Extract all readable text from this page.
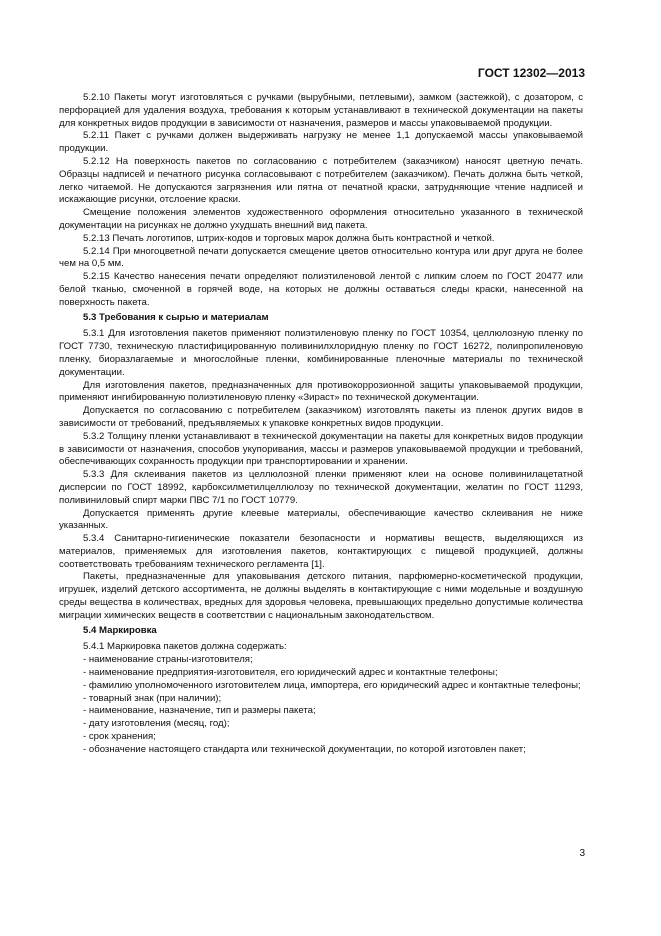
ГОСТ 12302—2013

5.2.10 Пакеты могут изготовляться с ручками (вырубными, петлевыми), замком (застежкой), с дозатором, с перфорацией для удаления воздуха, требования к которым устанавливают в технической документации на пакеты для конкретных видов продукции в зависимости от назначения, размеров и массы упаковываемой продукции.

5.2.11 Пакет с ручками должен выдерживать нагрузку не менее 1,1 допускаемой массы упаковываемой продукции.

5.2.12 На поверхность пакетов по согласованию с потребителем (заказчиком) наносят цветную печать. Образцы надписей и печатного рисунка согласовывают с потребителем (заказчиком). Печать должна быть четкой, легко читаемой. Не допускаются загрязнения или пятна от печатной краски, затрудняющие чтение надписей и искажающие рисунки, отслоение краски.

Смещение положения элементов художественного оформления относительно указанного в технической документации на рисунках не должно ухудшать внешний вид пакета.

5.2.13 Печать логотипов, штрих-кодов и торговых марок должна быть контрастной и четкой.

5.2.14 При многоцветной печати допускается смещение цветов относительно контура или друг друга не более чем на 0,5 мм.

5.2.15 Качество нанесения печати определяют полиэтиленовой лентой с липким слоем по ГОСТ 20477 или белой тканью, смоченной в горячей воде, на которых не должны оставаться следы краски, нанесенной на поверхность пакета.

5.3 Требования к сырью и материалам

5.3.1 Для изготовления пакетов применяют полиэтиленовую пленку по ГОСТ 10354, целлюлозную пленку по ГОСТ 7730, техническую пластифицированную поливинилхлоридную пленку по ГОСТ 16272, полипропиленовую пленку, биоразлагаемые и многослойные пленки, комбинированные пленочные материалы по технической документации.

Для изготовления пакетов, предназначенных для противокоррозионной защиты упаковываемой продукции, применяют ингибированную полиэтиленовую пленку «Зираст» по технической документации.

Допускается по согласованию с потребителем (заказчиком) изготовлять пакеты из пленок других видов в зависимости от требований, предъявляемых к упаковке конкретных видов продукции.

5.3.2 Толщину пленки устанавливают в технической документации на пакеты для конкретных видов продукции в зависимости от назначения, способов укупоривания, массы и размеров упаковываемой продукции и требований, обеспечивающих сохранность продукции при транспортировании и хранении.

5.3.3 Для склеивания пакетов из целлюлозной пленки применяют клеи на основе поливинилацетатной дисперсии по ГОСТ 18992, карбоксилметилцеллюлозу по технической документации, желатин по ГОСТ 11293, поливиниловый спирт марки ПВС 7/1 по ГОСТ 10779.

Допускается применять другие клеевые материалы, обеспечивающие качество склеивания не ниже указанных.

5.3.4 Санитарно-гигиенические показатели безопасности и нормативы веществ, выделяющихся из материалов, применяемых для изготовления пакетов, контактирующих с пищевой продукцией, должны соответствовать требованиям технического регламента [1].

Пакеты, предназначенные для упаковывания детского питания, парфюмерно-косметической продукции, игрушек, изделий детского ассортимента, не должны выделять в контактирующие с ними модельные и воздушную среды вещества в количествах, вредных для здоровья человека, превышающих предельно допустимые количества миграции химических веществ в соответствии с национальным законодательством.

5.4 Маркировка

5.4.1 Маркировка пакетов должна содержать:

- наименование страны-изготовителя;

- наименование предприятия-изготовителя, его юридический адрес и контактные телефоны;

- фамилию уполномоченного изготовителем лица, импортера, его юридический адрес и контактные телефоны;

- товарный знак (при наличии);

- наименование, назначение, тип и размеры пакета;

- дату изготовления (месяц, год);

- срок хранения;

- обозначение настоящего стандарта или технической документации, по которой изготовлен пакет;

3
